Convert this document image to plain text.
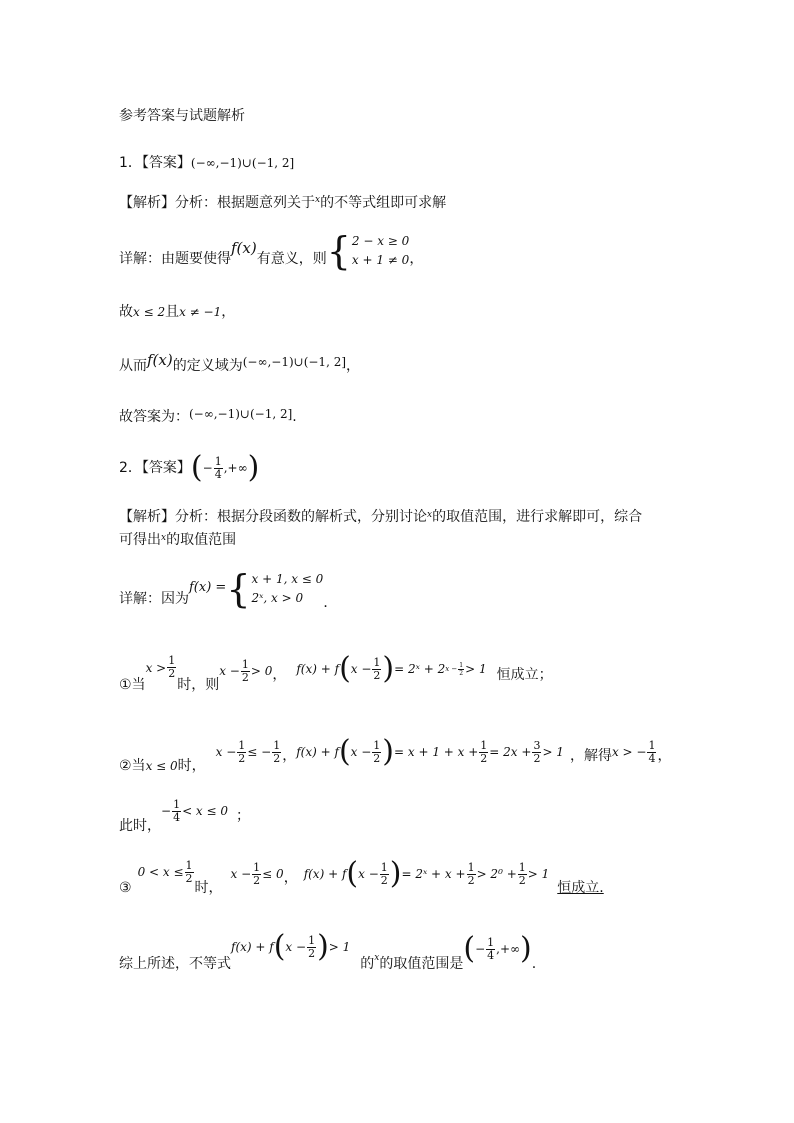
参考答案与试题解析
1．【答案】(−∞,−1)∪(−1, 2]
【解析】分析：根据题意列关于$^x$的不等式组即可求解
详解：由题要使得f(x)有意义，则 { 2 − x ≥ 0
x + 1 ≠ 0 ，
故x ≤ 2且x ≠ −1，
从而f(x)的定义域为(−∞,−1)∪(−1, 2]，
故答案为：(−∞,−1)∪(−1, 2].
2．【答案】 ( − $\frac{1}{4}$ ,+∞ )
【解析】分析：根据分段函数的解析式，分别讨论$^x$的取值范围，进行求解即可，综合
可得出$^x$的取值范围
详解：因为f(x) = { x + 1, x ≤ 0
2ˣ, x > 0	．
①当
$x > \frac{1}{2}$
时，则
$x - \frac{1}{2} > 0$ ， f(x) + f ( $x - \frac{1}{2}$ ) = 2ˣ + 2 $x - \frac{1}{2} > 1$ 恒成立；
②当 x ≤ 0 时，
$x - \frac{1}{2}$ ≤ − $\frac{1}{2}$ ， f(x) + f ( $x - \frac{1}{2}$ ) = $x + 1 + x + \frac{1}{2} = 2x + \frac{3}{2} > 1$ ，解得 x > − $\frac{1}{4}$ ，
此时，
− $\frac{1}{4} < x \le 0$ ；
③
$0 < x \le \frac{1}{2}$
时，
$x - \frac{1}{2} \le 0$ ， f(x) + f ( $x - \frac{1}{2}$ ) = 2ˣ + $x + \frac{1}{2} > 2^0 + \frac{1}{2} > 1$
恒成立.
综上所述，不等式
f(x) + f ( $x - \frac{1}{2}$ ) > 1
的 x 的取值范围是 ( − $\frac{1}{4}$ ,+∞ ) .
